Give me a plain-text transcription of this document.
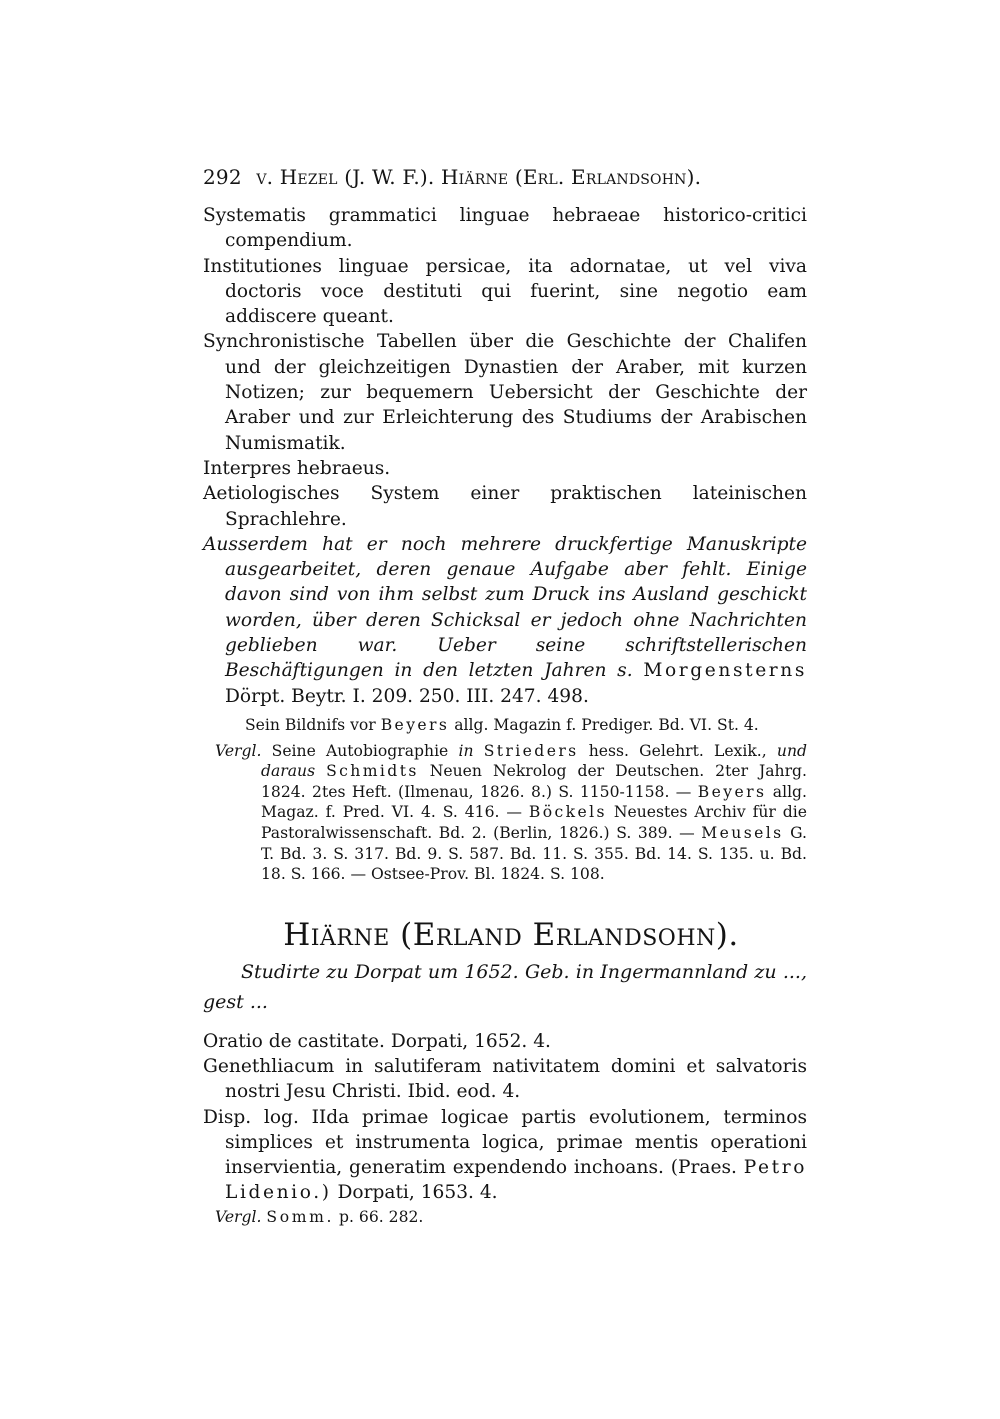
292 v. Hezel (J. W. F.). Hiärne (Erl. Erlandsohn).

Systematis grammatici linguae hebraeae historico-critici compendium.

Institutiones linguae persicae, ita adornatae, ut vel viva doctoris voce destituti qui fuerint, sine negotio eam addiscere queant.

Synchronistische Tabellen über die Geschichte der Chalifen und der gleichzeitigen Dynastien der Araber, mit kurzen Notizen; zur bequemern Uebersicht der Geschichte der Araber und zur Erleichterung des Studiums der Arabischen Numismatik.

Interpres hebraeus.

Aetiologisches System einer praktischen lateinischen Sprachlehre.

Ausserdem hat er noch mehrere druckfertige Manuskripte ausgearbeitet, deren genaue Aufgabe aber fehlt. Einige davon sind von ihm selbst zum Druck ins Ausland geschickt worden, über deren Schicksal er jedoch ohne Nachrichten geblieben war. Ueber seine schriftstellerischen Beschäftigungen in den letzten Jahren s. Morgensterns Dörpt. Beytr. I. 209. 250. III. 247. 498.

Sein Bildnifs vor Beyers allg. Magazin f. Prediger. Bd. VI. St. 4.

Vergl. Seine Autobiographie in Strieders hess. Gelehrt. Lexik., und daraus Schmidts Neuen Nekrolog der Deutschen. 2ter Jahrg. 1824. 2tes Heft. (Ilmenau, 1826. 8.) S. 1150-1158. — Beyers allg. Magaz. f. Pred. VI. 4. S. 416. — Böckels Neuestes Archiv für die Pastoralwissenschaft. Bd. 2. (Berlin, 1826.) S. 389. — Meusels G. T. Bd. 3. S. 317. Bd. 9. S. 587. Bd. 11. S. 355. Bd. 14. S. 135. u. Bd. 18. S. 166. — Ostsee-Prov. Bl. 1824. S. 108.

Hiärne (Erland Erlandsohn).

Studirte zu Dorpat um 1652. Geb. in Ingermannland zu ..., gest ...

Oratio de castitate. Dorpati, 1652. 4.

Genethliacum in salutiferam nativitatem domini et salvatoris nostri Jesu Christi. Ibid. eod. 4.

Disp. log. IIda primae logicae partis evolutionem, terminos simplices et instrumenta logica, primae mentis operationi inservientia, generatim expendendo inchoans. (Praes. Petro Lidenio.) Dorpati, 1653. 4.

Vergl. Somm. p. 66. 282.
